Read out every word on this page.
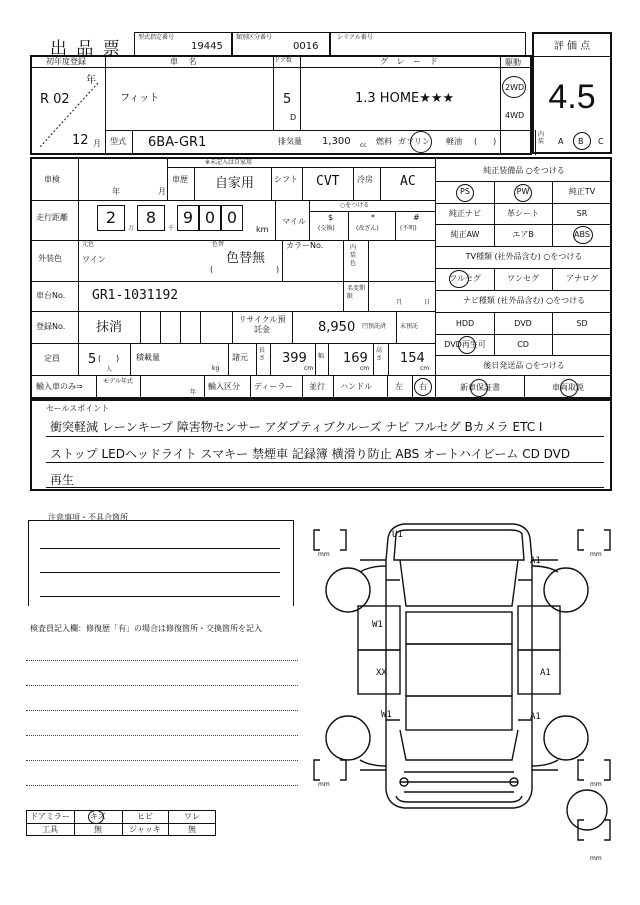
出 品 票
型式指定番号
19445
類別区分番号
0016
シリアル番号
評 価 点
4.5
初年度登録
R 02
年
12 月
車 名
フィット
ドア数
5
D
グ レ ー ド
1.3 HOME★★★
駆動
2WD
4WD
型式 6BA-GR1	排気量 1,300 cc 燃料 ガソリン 軽油 ( )
内装 A B C
車検
年	月
※未記入は自家用
車歴 自家用 シフト CVT 冷房 AC
走行距離	2
万
8
千
9 0 0
km
マイル
○をつける
$
(交換)
*
(改ざん)
#
(不明)
外装色
元色
ワイン
色替
色替無
(	)
カラーNo.	内装色
車台No. GR1-1031192	名変期限
月	日
登録No. 抹消
リサイクル預託金	8,950 円預託済 未預託
定員 5 ( )
人
積載量
kg
諸元
長さ 399
cm
幅 169
cm
高さ 154
cm
輸入車のみ⇒
モデル年式
年
輸入区分 ディーラー 並行 ハンドル	左 右
純正装備品 ○をつける
PS	PW	純正TV
純正ナビ	革シート	SR
純正AW	エアB	ABS
TV種類 (社外品含む) ○をつける
フルセグ	ワンセグ	アナログ
ナビ種類 (社外品含む) ○をつける
HDD	DVD	SD
DVD再生可	CD
後日発送品 ○をつける
新車保証書	車両取説
セールスポイント
衝突軽減 レーンキープ 障害物センサー アダプティブクルーズ ナビ フルセグ Bカメラ ETC I
ストップ LEDヘッドライト スマキー 禁煙車 記録簿 横滑り防止 ABS オートハイビーム CD DVD
再生
注意事項・不具合箇所
検査員記入欄：修復歴「有」の場合は修復箇所・交換箇所を記入
ドアミラー	キズ	ヒビ	ワレ
工具	無	ジャッキ	無
U1
A1
W1
XX	A1
W1	A1
mm	mm
mm	mm
mm
